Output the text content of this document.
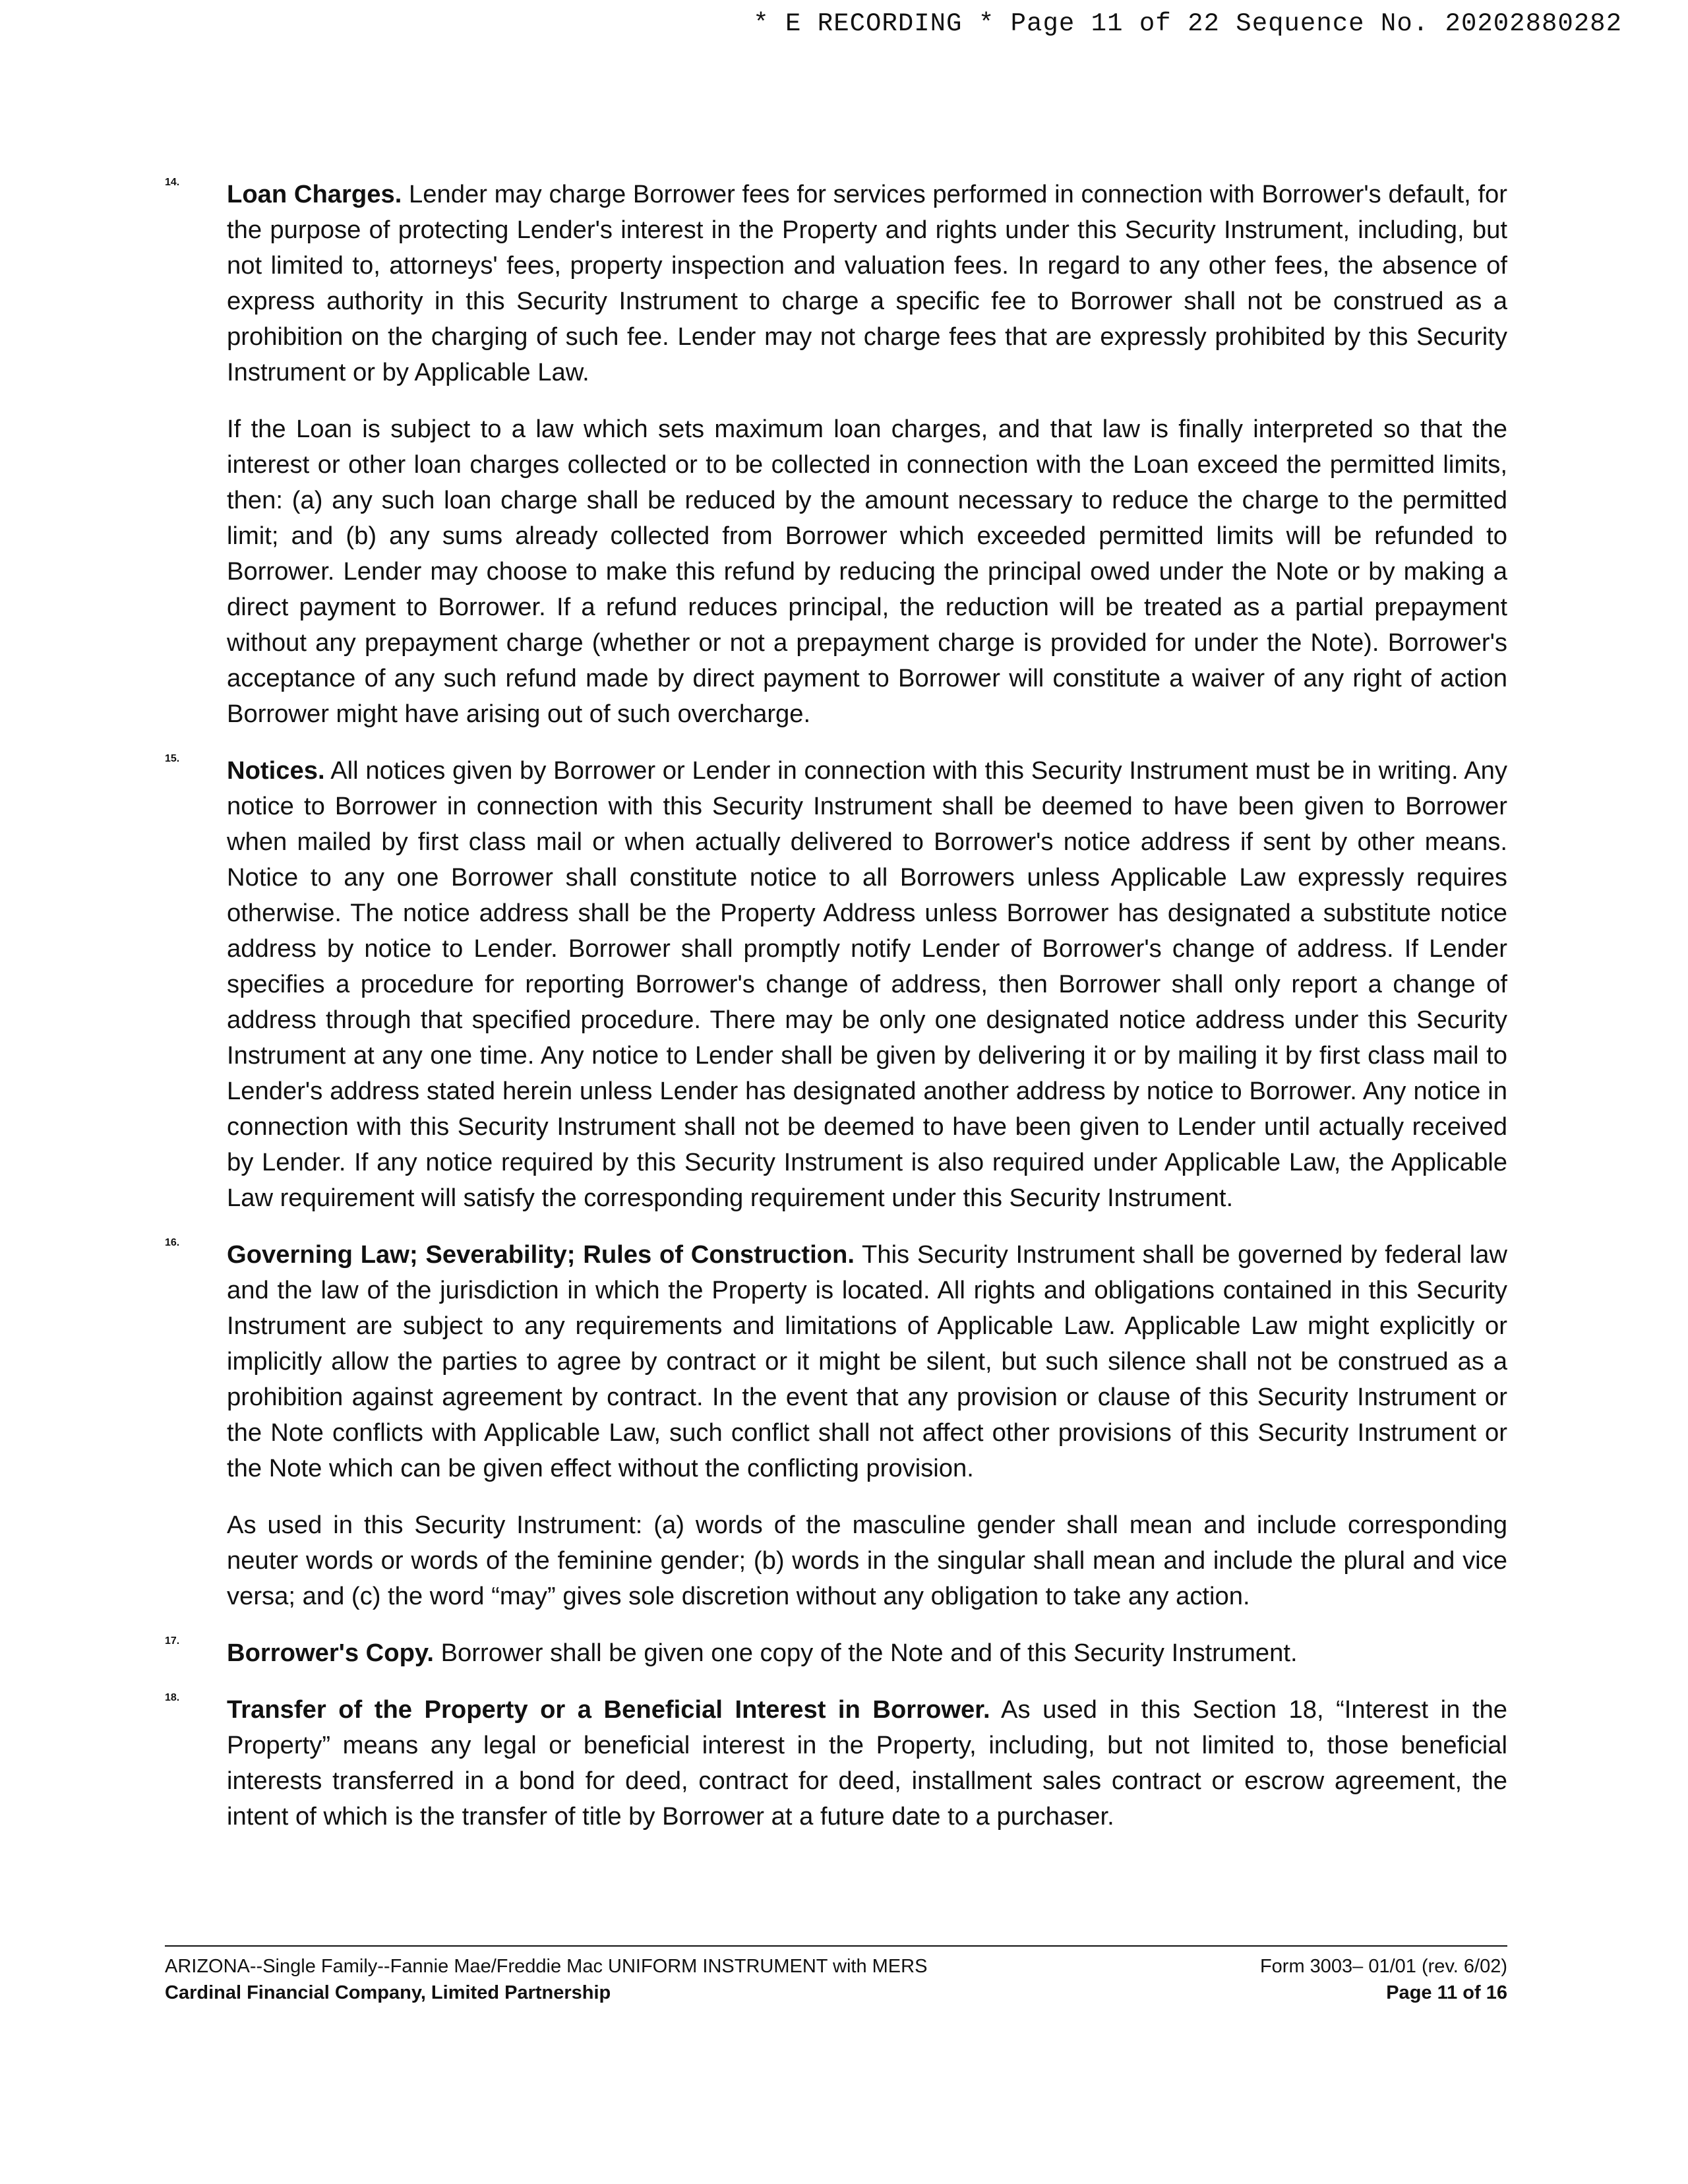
* E RECORDING * Page 11 of 22 Sequence No. 20202880282
14. Loan Charges. Lender may charge Borrower fees for services performed in connection with Borrower's default, for the purpose of protecting Lender's interest in the Property and rights under this Security Instrument, including, but not limited to, attorneys' fees, property inspection and valuation fees. In regard to any other fees, the absence of express authority in this Security Instrument to charge a specific fee to Borrower shall not be construed as a prohibition on the charging of such fee. Lender may not charge fees that are expressly prohibited by this Security Instrument or by Applicable Law.

If the Loan is subject to a law which sets maximum loan charges, and that law is finally interpreted so that the interest or other loan charges collected or to be collected in connection with the Loan exceed the permitted limits, then: (a) any such loan charge shall be reduced by the amount necessary to reduce the charge to the permitted limit; and (b) any sums already collected from Borrower which exceeded permitted limits will be refunded to Borrower. Lender may choose to make this refund by reducing the principal owed under the Note or by making a direct payment to Borrower. If a refund reduces principal, the reduction will be treated as a partial prepayment without any prepayment charge (whether or not a prepayment charge is provided for under the Note). Borrower's acceptance of any such refund made by direct payment to Borrower will constitute a waiver of any right of action Borrower might have arising out of such overcharge.

15. Notices. All notices given by Borrower or Lender in connection with this Security Instrument must be in writing. Any notice to Borrower in connection with this Security Instrument shall be deemed to have been given to Borrower when mailed by first class mail or when actually delivered to Borrower's notice address if sent by other means. Notice to any one Borrower shall constitute notice to all Borrowers unless Applicable Law expressly requires otherwise. The notice address shall be the Property Address unless Borrower has designated a substitute notice address by notice to Lender. Borrower shall promptly notify Lender of Borrower's change of address. If Lender specifies a procedure for reporting Borrower's change of address, then Borrower shall only report a change of address through that specified procedure. There may be only one designated notice address under this Security Instrument at any one time. Any notice to Lender shall be given by delivering it or by mailing it by first class mail to Lender's address stated herein unless Lender has designated another address by notice to Borrower. Any notice in connection with this Security Instrument shall not be deemed to have been given to Lender until actually received by Lender. If any notice required by this Security Instrument is also required under Applicable Law, the Applicable Law requirement will satisfy the corresponding requirement under this Security Instrument.

16. Governing Law; Severability; Rules of Construction. This Security Instrument shall be governed by federal law and the law of the jurisdiction in which the Property is located. All rights and obligations contained in this Security Instrument are subject to any requirements and limitations of Applicable Law. Applicable Law might explicitly or implicitly allow the parties to agree by contract or it might be silent, but such silence shall not be construed as a prohibition against agreement by contract. In the event that any provision or clause of this Security Instrument or the Note conflicts with Applicable Law, such conflict shall not affect other provisions of this Security Instrument or the Note which can be given effect without the conflicting provision.

As used in this Security Instrument: (a) words of the masculine gender shall mean and include corresponding neuter words or words of the feminine gender; (b) words in the singular shall mean and include the plural and vice versa; and (c) the word “may” gives sole discretion without any obligation to take any action.

17. Borrower's Copy. Borrower shall be given one copy of the Note and of this Security Instrument.

18. Transfer of the Property or a Beneficial Interest in Borrower. As used in this Section 18, “Interest in the Property” means any legal or beneficial interest in the Property, including, but not limited to, those beneficial interests transferred in a bond for deed, contract for deed, installment sales contract or escrow agreement, the intent of which is the transfer of title by Borrower at a future date to a purchaser.

ARIZONA--Single Family--Fannie Mae/Freddie Mac UNIFORM INSTRUMENT with MERS	Form 3003– 01/01 (rev. 6/02)
Cardinal Financial Company, Limited Partnership	Page 11 of 16
